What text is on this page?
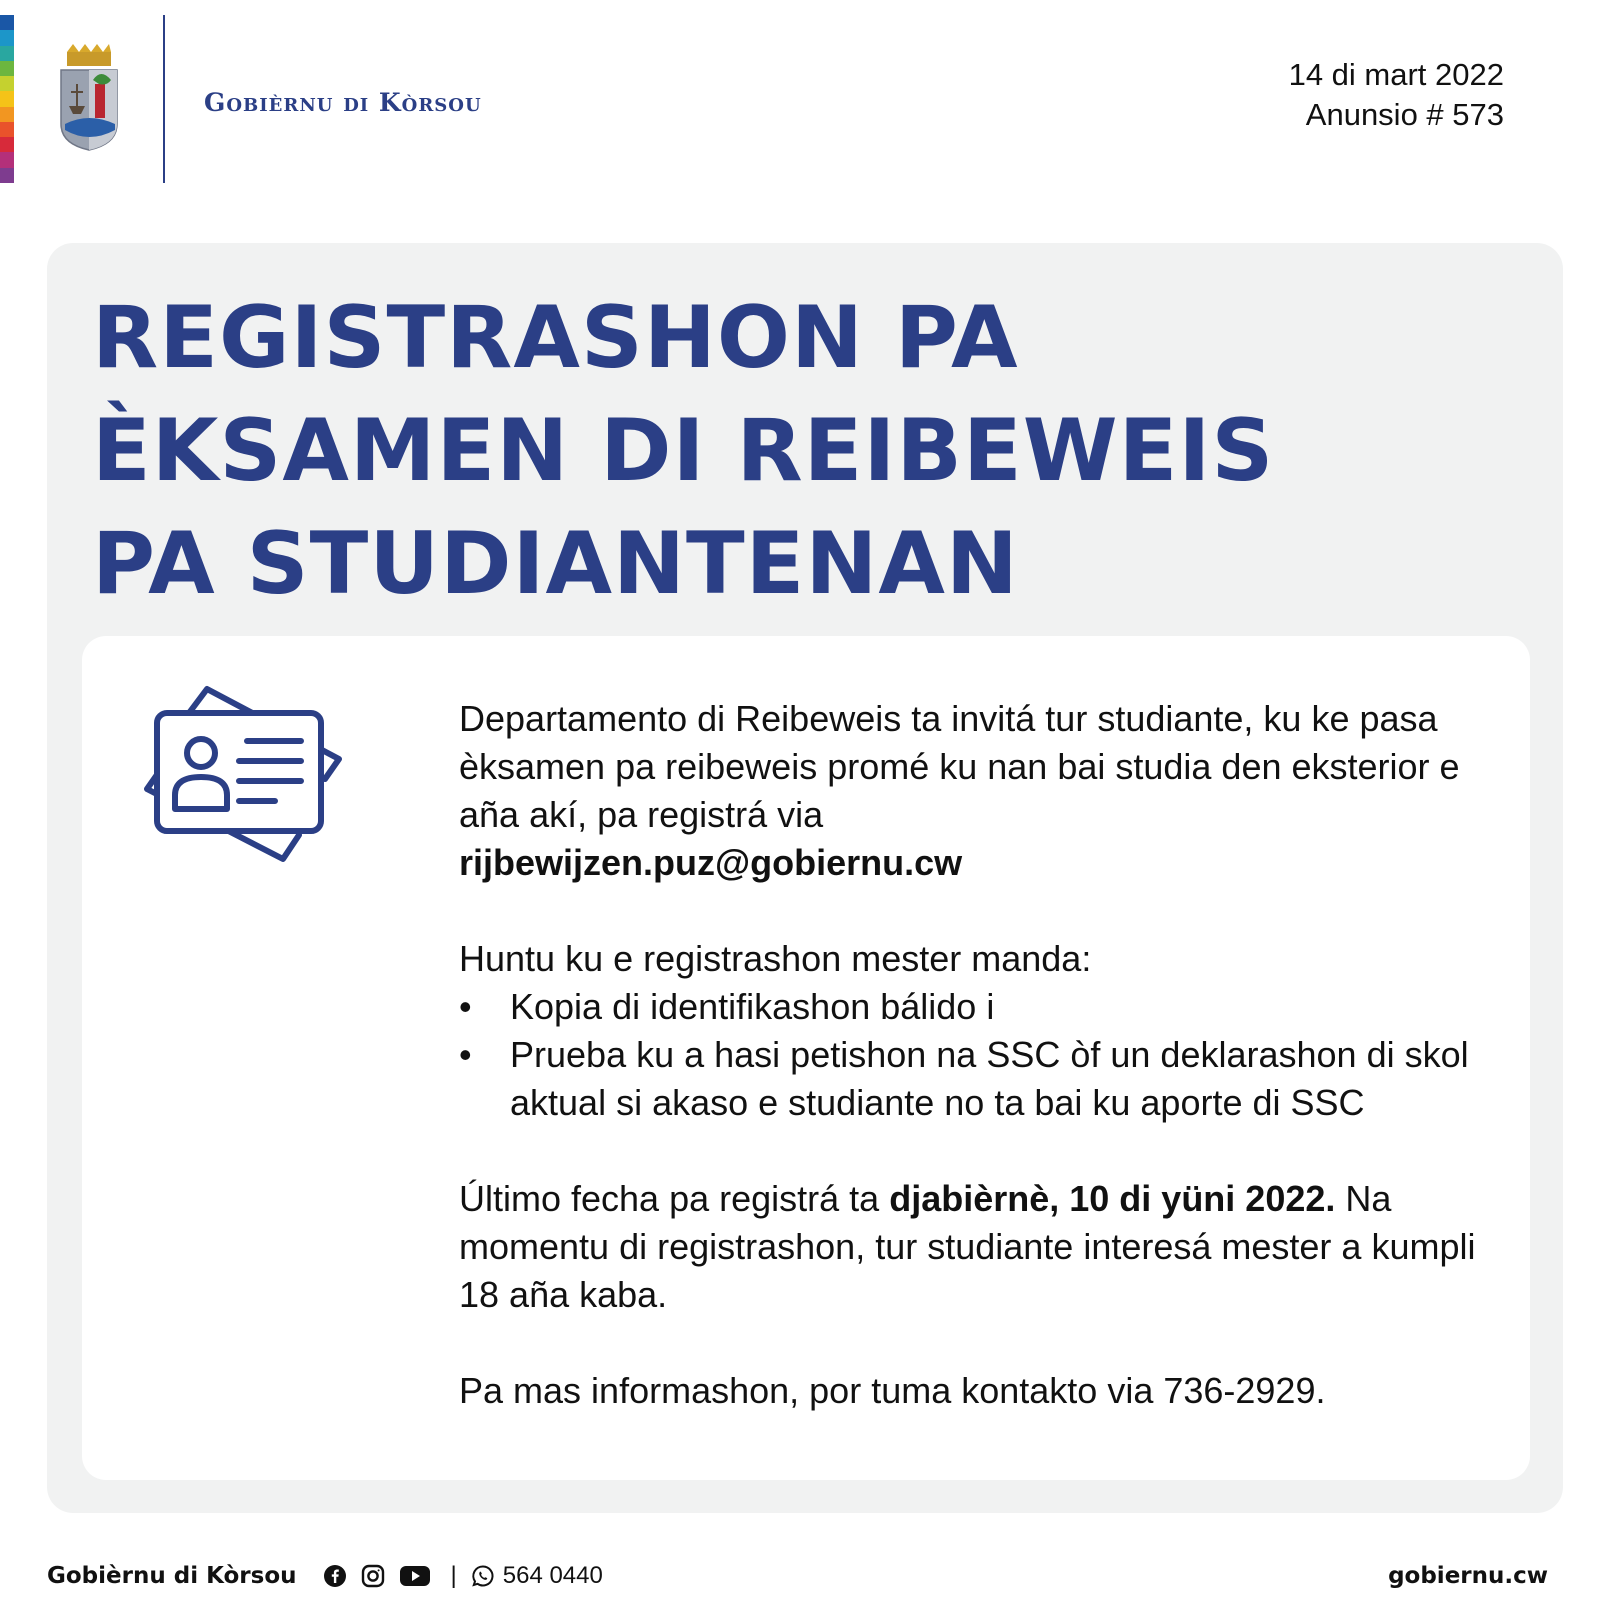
Gobièrnu di Kòrsou
14 di mart 2022
Anunsio # 573
REGISTRASHON PA
ÈKSAMEN DI REIBEWEIS
PA STUDIANTENAN

Departamento di Reibeweis ta invitá tur studiante, ku ke pasa èksamen pa reibeweis promé ku nan bai studia den eksterior e aña akí, pa registrá via
rijbewijzen.puz@gobiernu.cw

Huntu ku e registrashon mester manda:

• Kopia di identifikashon bálido i
• Prueba ku a hasi petishon na SSC òf un deklarashon di skol aktual si akaso e studiante no ta bai ku aporte di SSC

Último fecha pa registrá ta djabièrnè, 10 di yüni 2022. Na momentu di registrashon, tur studiante interesá mester a kumpli 18 aña kaba.

Pa mas informashon, por tuma kontakto via 736-2929.

Gobièrnu di Kòrsou	| 564 0440	gobiernu.cw
